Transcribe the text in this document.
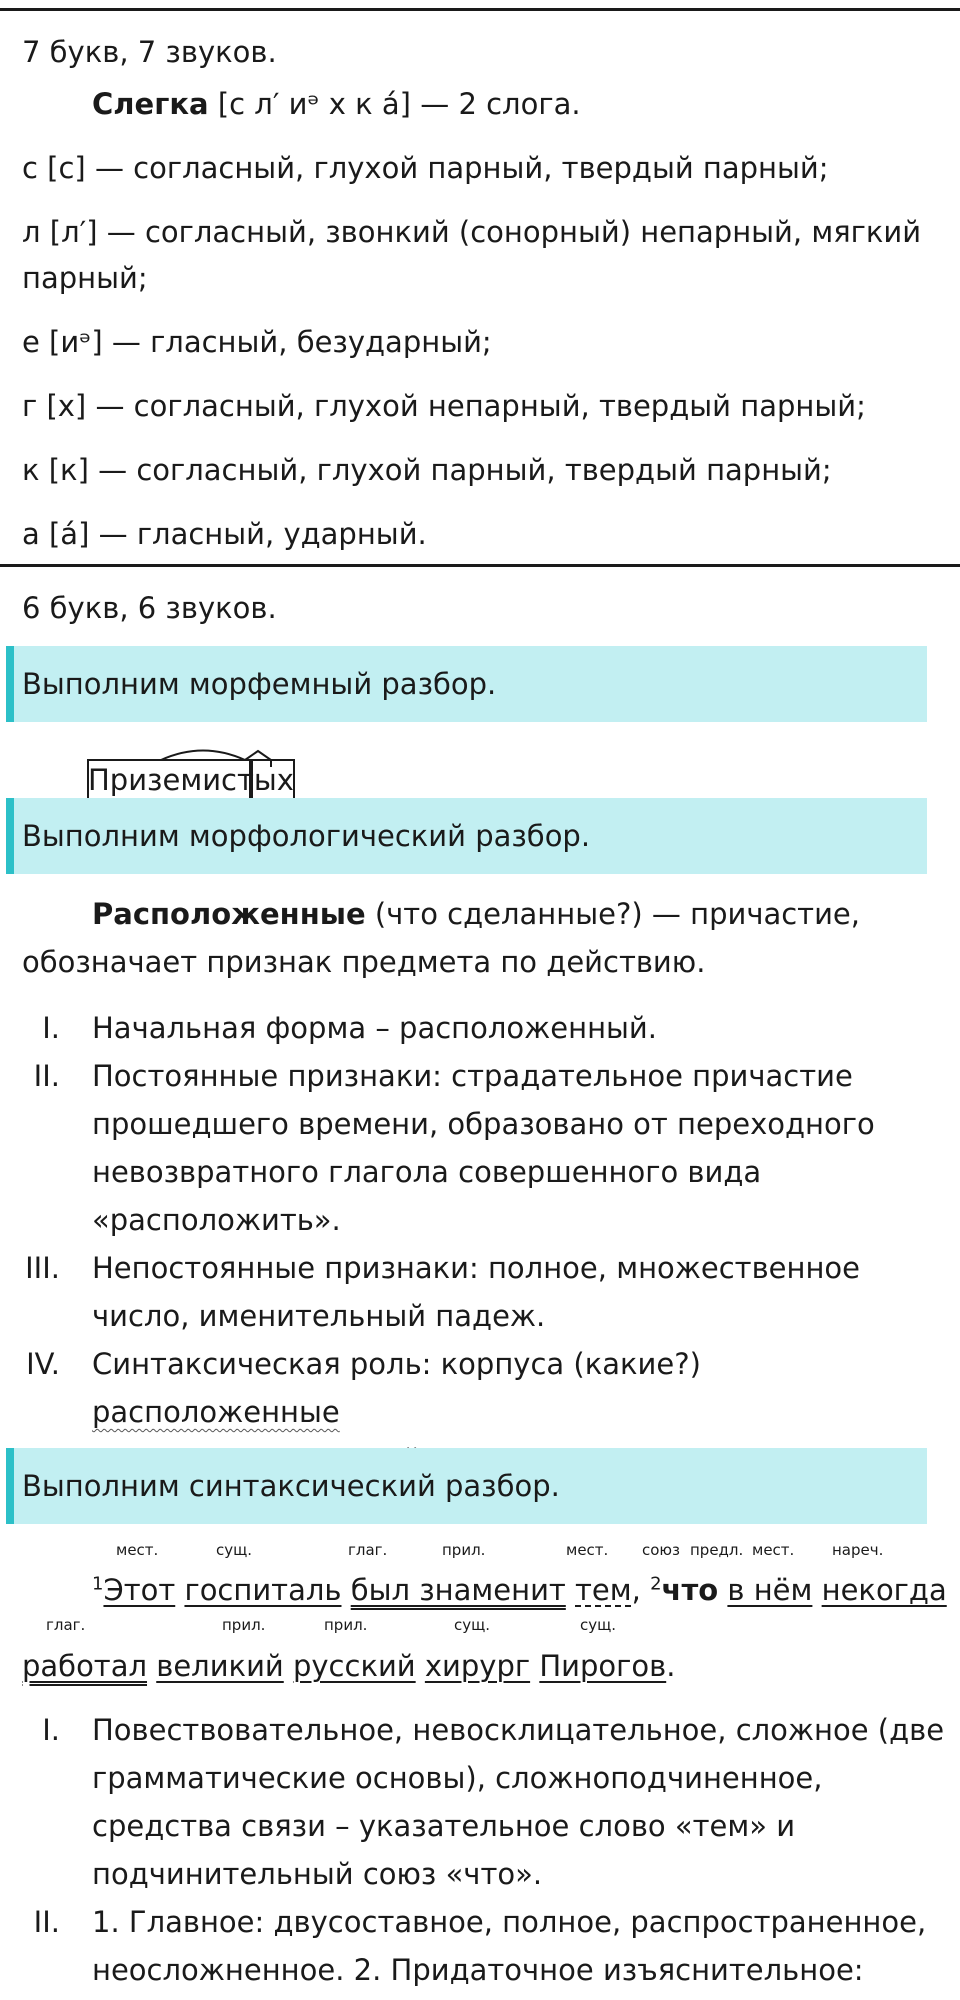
7 букв, 7 звуков.
Слегка [с л′ иᵊ х к а́] — 2 слога.
с [с] — согласный, глухой парный, твердый парный;
л [л′] — согласный, звонкий (сонорный) непарный, мягкий
парный;
е [иᵊ] — гласный, безударный;
г [х] — согласный, глухой непарный, твердый парный;
к [к] — согласный, глухой парный, твердый парный;
а [а́] — гласный, ударный.
6 букв, 6 звуков.
Выполним морфемный разбор.
Приземистых
Выполним морфологический разбор.
Расположенные (что сделанные?) — причастие,
обозначает признак предмета по действию.
I. Начальная форма – расположенный.
II. Постоянные признаки: страдательное причастие
прошедшего времени, образовано от переходного
невозвратного глагола совершенного вида
«расположить».
III. Непостоянные признаки: полное, множественное
число, именительный падеж.
IV. Синтаксическая роль: корпуса (какие?) расположенные
Выполним синтаксический разбор.
мест.	сущ.	глаг.	прил.	мест. союз предл. мест.	нареч.
$^1$Этот госпиталь был знаменит тем, $^2$что в нём некогда
глаг.	прил.	прил.	сущ.	сущ.
работал великий русский хирург Пирогов.
I. Повествовательное, невосклицательное, сложное (две
грамматические основы), сложноподчиненное,
средства связи – указательное слово «тем» и
подчинительный союз «что».
II. 1. Главное: двусоставное, полное, распространенное,
неосложненное. 2. Придаточное изъяснительное:
